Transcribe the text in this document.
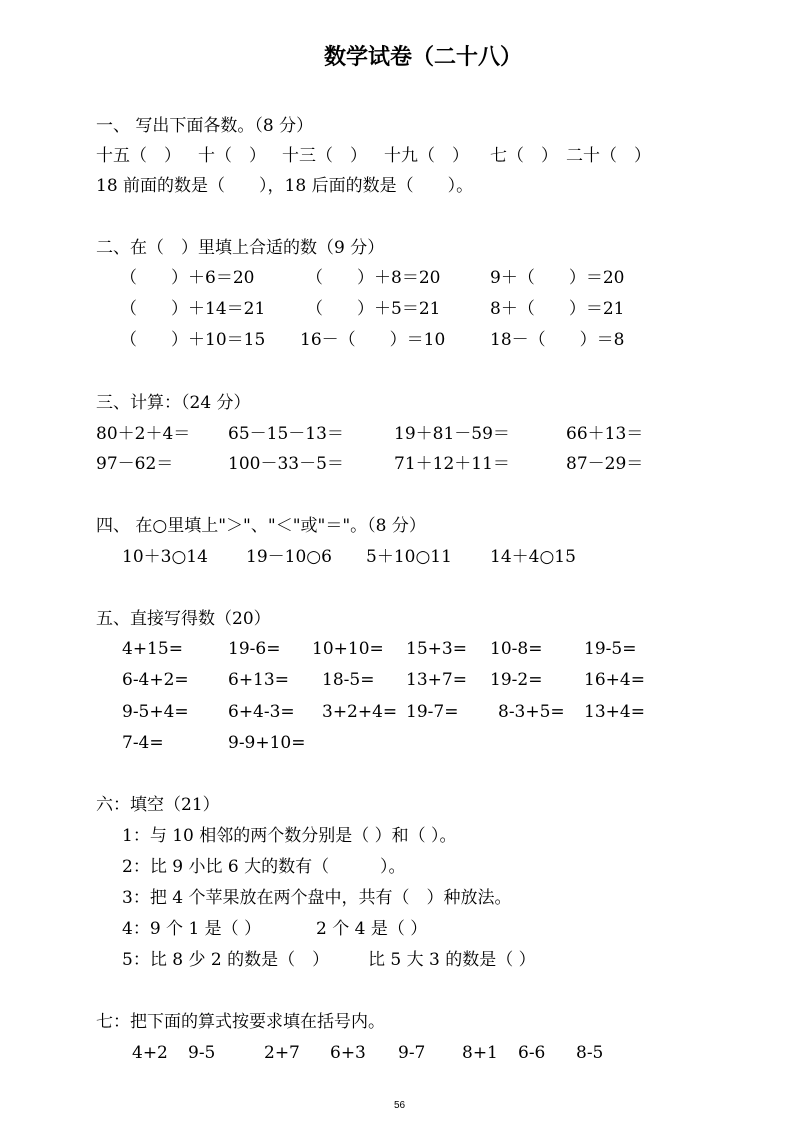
数学试卷（二十八）
一、 写出下面各数。（8 分）
十五（　） 十（　） 十三（　） 十九（　） 七（　） 二十（　）
18 前面的数是（　　），18 后面的数是（　　）。
二、在（　）里填上合适的数（9 分）
（　　）＋6＝20	（　　）＋8＝20	9＋（　　）＝20
（　　）＋14＝21 （　　）＋5＝21	8＋（　　）＝21
（　　）＋10＝15 16－（　　）＝10	18－（　　）＝8
三、计算：（24 分）
80＋2＋4＝ 65－15－13＝	19＋81－59＝	66＋13＝
97－62＝	100－33－5＝	71＋12＋11＝	87－29＝
四、 在○里填上"＞"、"＜"或"＝"。（8 分）
10＋3○14 19－10○6 5＋10○11 14＋4○15
五、直接写得数（20）
4+15=	19-6= 10+10= 15+3= 10-8= 19-5=
6-4+2= 6+13= 18-5= 13+7= 19-2= 16+4=
9-5+4= 6+4-3= 3+2+4= 19-7= 8-3+5= 13+4=
7-4=	9-9+10=
六：填空（21）
1：与 10 相邻的两个数分别是（ ）和（ ）。
2：比 9 小比 6 大的数有（　　　）。
3：把 4 个苹果放在两个盘中，共有（　）种放法。
4：9 个 1 是（ ）	2 个 4 是（ ）
5：比 8 少 2 的数是（　） 比 5 大 3 的数是（ ）
七：把下面的算式按要求填在括号内。
4+2 9-5	2+7 6+3 9-7 8+1 6-6 8-5
56
